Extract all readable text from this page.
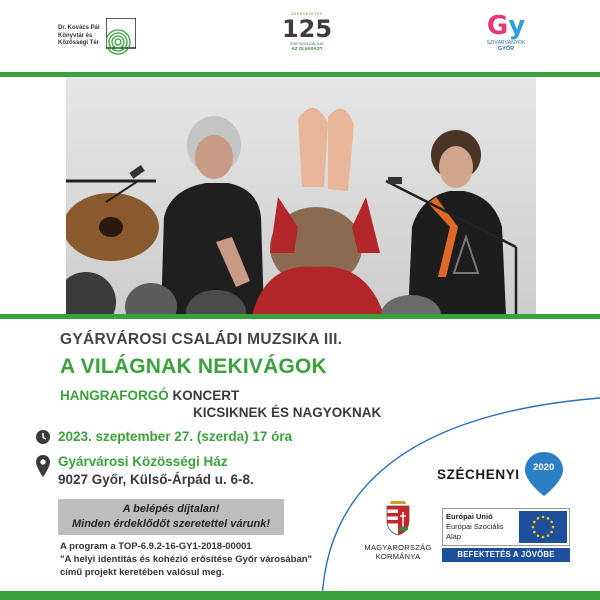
Dr. Kovács Pál
Könyvtár és
Közösségi Tér
SZERVEZETEK
125
ÉVE SZOLGÁLJUK
AZ OLVASÁST
Gy
SZIVÁRVÁNYOK
GYŐR
GYÁRVÁROSI CSALÁDI MUZSIKA III.
A VILÁGNAK NEKIVÁGOK
HANGRAFORGÓ KONCERT
KICSIKNEK ÉS NAGYOKNAK
2023. szeptember 27. (szerda) 17 óra
Gyárvárosi Közösségi Ház
9027 Győr, Külső-Árpád u. 6-8.
A belépés díjtalan!
Minden érdeklődőt szeretettel várunk!
A program a TOP-6.9.2-16-GY1-2018-00001
"A helyi identitás és kohézió erősítése Győr városában"
című projekt keretében valósul meg.
SZÉCHENYI	2020
MAGYARORSZÁG
KORMÁNYA
Európai Unió
Európai Szociális
Alap
BEFEKTETÉS A JÖVŐBE
